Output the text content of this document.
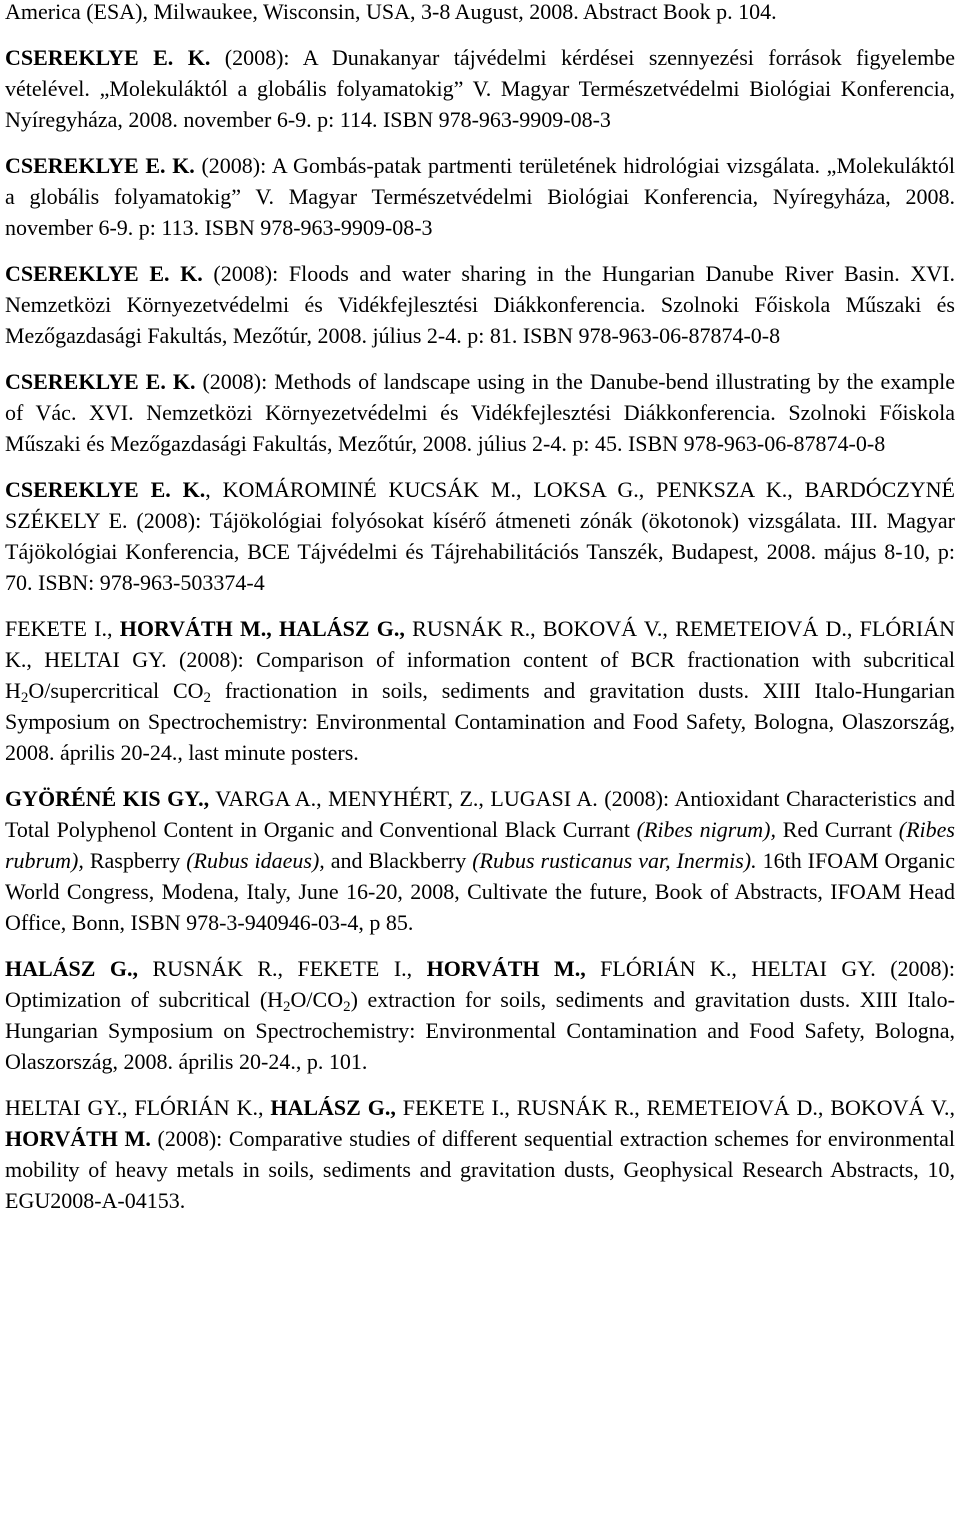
America (ESA), Milwaukee, Wisconsin, USA, 3-8 August, 2008. Abstract Book p. 104.
CSEREKLYE E. K. (2008): A Dunakanyar tájvédelmi kérdései szennyezési források figyelembe vételével. „Molekuláktól a globális folyamatokig” V. Magyar Természetvédelmi Biológiai Konferencia, Nyíregyháza, 2008. november 6-9. p: 114. ISBN 978-963-9909-08-3
CSEREKLYE E. K. (2008): A Gombás-patak partmenti területének hidrológiai vizsgálata. „Molekuláktól a globális folyamatokig” V. Magyar Természetvédelmi Biológiai Konferencia, Nyíregyháza, 2008. november 6-9. p: 113. ISBN 978-963-9909-08-3
CSEREKLYE E. K. (2008): Floods and water sharing in the Hungarian Danube River Basin. XVI. Nemzetközi Környezetvédelmi és Vidékfejlesztési Diákkonferencia. Szolnoki Főiskola Műszaki és Mezőgazdasági Fakultás, Mezőtúr, 2008. július 2-4. p: 81. ISBN 978-963-06-87874-0-8
CSEREKLYE E. K. (2008): Methods of landscape using in the Danube-bend illustrating by the example of Vác. XVI. Nemzetközi Környezetvédelmi és Vidékfejlesztési Diákkonferencia. Szolnoki Főiskola Műszaki és Mezőgazdasági Fakultás, Mezőtúr, 2008. július 2-4. p: 45. ISBN 978-963-06-87874-0-8
CSEREKLYE E. K., KOMÁROMINÉ KUCSÁK M., LOKSA G., PENKSZA K., BARDÓCZYNÉ SZÉKELY E. (2008): Tájökológiai folyósokat kísérő átmeneti zónák (ökotonok) vizsgálata. III. Magyar Tájökológiai Konferencia, BCE Tájvédelmi és Tájrehabilitációs Tanszék, Budapest, 2008. május 8-10, p: 70. ISBN: 978-963-503374-4
FEKETE I., HORVÁTH M., HALÁSZ G., RUSNÁK R., BOKOVÁ V., REMETEIOVÁ D., FLÓRIÁN K., HELTAI GY. (2008): Comparison of information content of BCR fractionation with subcritical $H_2O$/supercritical $CO_2$ fractionation in soils, sediments and gravitation dusts. XIII Italo-Hungarian Symposium on Spectrochemistry: Environmental Contamination and Food Safety, Bologna, Olaszország, 2008. április 20-24., last minute posters.
GYÖRÉNÉ KIS GY., VARGA A., MENYHÉRT, Z., LUGASI A. (2008): Antioxidant Characteristics and Total Polyphenol Content in Organic and Conventional Black Currant (Ribes nigrum), Red Currant (Ribes rubrum), Raspberry (Rubus idaeus), and Blackberry (Rubus rusticanus var, Inermis). 16th IFOAM Organic World Congress, Modena, Italy, June 16-20, 2008, Cultivate the future, Book of Abstracts, IFOAM Head Office, Bonn, ISBN 978-3-940946-03-4, p 85.
HALÁSZ G., RUSNÁK R., FEKETE I., HORVÁTH M., FLÓRIÁN K., HELTAI GY. (2008): Optimization of subcritical $(H_2O/CO_2)$ extraction for soils, sediments and gravitation dusts. XIII Italo-Hungarian Symposium on Spectrochemistry: Environmental Contamination and Food Safety, Bologna, Olaszország, 2008. április 20-24., p. 101.
HELTAI GY., FLÓRIÁN K., HALÁSZ G., FEKETE I., RUSNÁK R., REMETEIOVÁ D., BOKOVÁ V., HORVÁTH M. (2008): Comparative studies of different sequential extraction schemes for environmental mobility of heavy metals in soils, sediments and gravitation dusts, Geophysical Research Abstracts, 10, EGU2008-A-04153.
